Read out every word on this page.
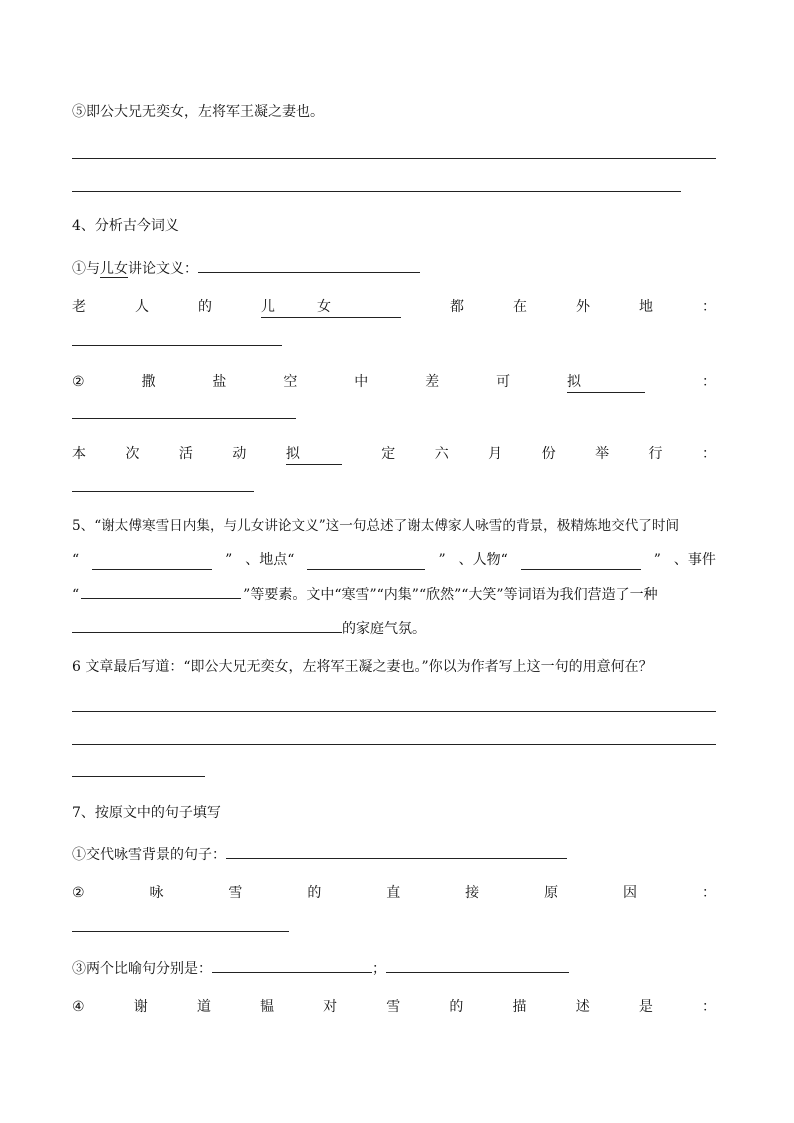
⑤即公大兄无奕女，左将军王凝之妻也。
4、分析古今词义
①与儿女讲论文义：
老	人	的	儿	女	都	在	外	地	：
②	撒	盐	空	中	差	可	拟	：
本	次	活	动	拟	定	六	月	份	举	行	：
5、“谢太傅寒雪日内集，与儿女讲论文义”这一句总述了谢太傅家人咏雪的背景，极精炼地交代了时间
“	” 、地点“	” 、人物“	” 、事件
“	”等要素。文中“寒雪”“内集”“欣然”“大笑”等词语为我们营造了一种
的家庭气氛。
6 文章最后写道：“即公大兄无奕女，左将军王凝之妻也。”你以为作者写上这一句的用意何在？
7、按原文中的句子填写
①交代咏雪背景的句子：
②	咏	雪	的	直	接	原	因	：
③两个比喻句分别是：	；
④	谢	道	韫	对	雪	的	描	述	是	：
